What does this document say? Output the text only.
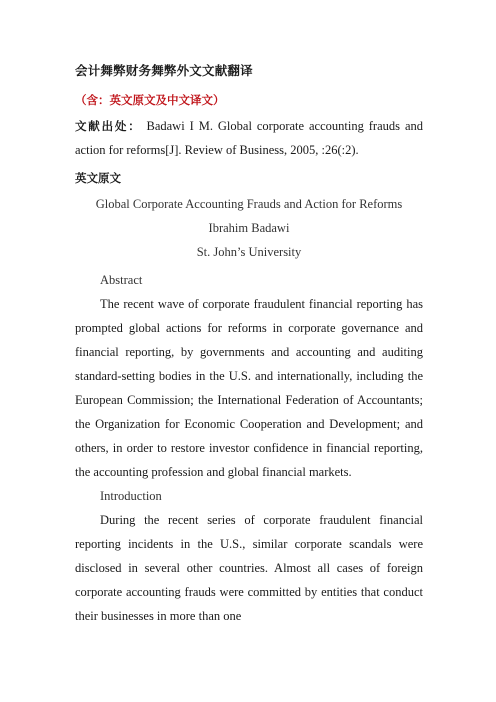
会计舞弊财务舞弊外文文献翻译
（含：英文原文及中文译文）
文献出处： Badawi I M. Global corporate accounting frauds and action for reforms[J]. Review of Business, 2005, :26(:2).
英文原文
Global Corporate Accounting Frauds and Action for Reforms
Ibrahim Badawi
St. John’s University
Abstract

The recent wave of corporate fraudulent financial reporting has prompted global actions for reforms in corporate governance and financial reporting, by governments and accounting and auditing standard-setting bodies in the U.S. and internationally, including the European Commission; the International Federation of Accountants; the Organization for Economic Cooperation and Development; and others, in order to restore investor confidence in financial reporting, the accounting profession and global financial markets.

Introduction

During the recent series of corporate fraudulent financial reporting incidents in the U.S., similar corporate scandals were disclosed in several other countries. Almost all cases of foreign corporate accounting frauds were committed by entities that conduct their businesses in more than one
